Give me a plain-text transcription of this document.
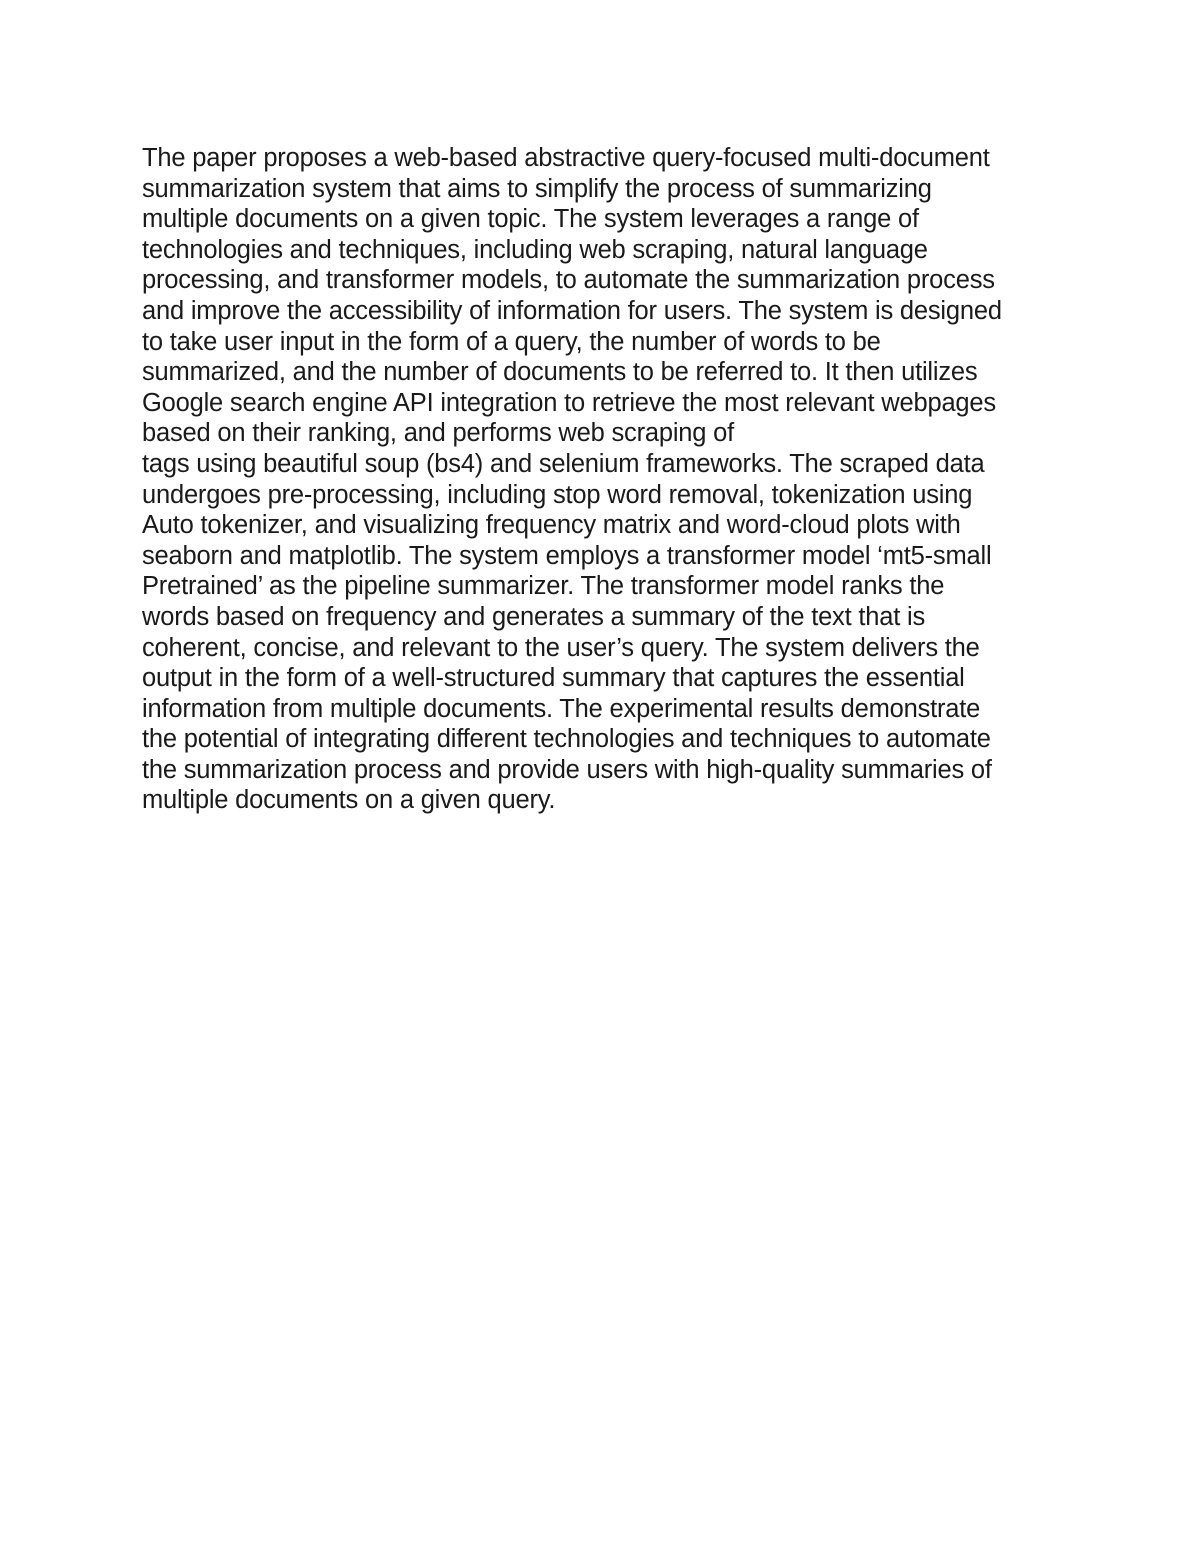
The paper proposes a web-based abstractive query-focused multi-document
summarization system that aims to simplify the process of summarizing
multiple documents on a given topic. The system leverages a range of
technologies and techniques, including web scraping, natural language
processing, and transformer models, to automate the summarization process
and improve the accessibility of information for users. The system is designed
to take user input in the form of a query, the number of words to be
summarized, and the number of documents to be referred to. It then utilizes
Google search engine API integration to retrieve the most relevant webpages
based on their ranking, and performs web scraping of
tags using beautiful soup (bs4) and selenium frameworks. The scraped data
undergoes pre-processing, including stop word removal, tokenization using
Auto tokenizer, and visualizing frequency matrix and word-cloud plots with
seaborn and matplotlib. The system employs a transformer model ‘mt5-small
Pretrained’ as the pipeline summarizer. The transformer model ranks the
words based on frequency and generates a summary of the text that is
coherent, concise, and relevant to the user’s query. The system delivers the
output in the form of a well-structured summary that captures the essential
information from multiple documents. The experimental results demonstrate
the potential of integrating different technologies and techniques to automate
the summarization process and provide users with high-quality summaries of
multiple documents on a given query.
